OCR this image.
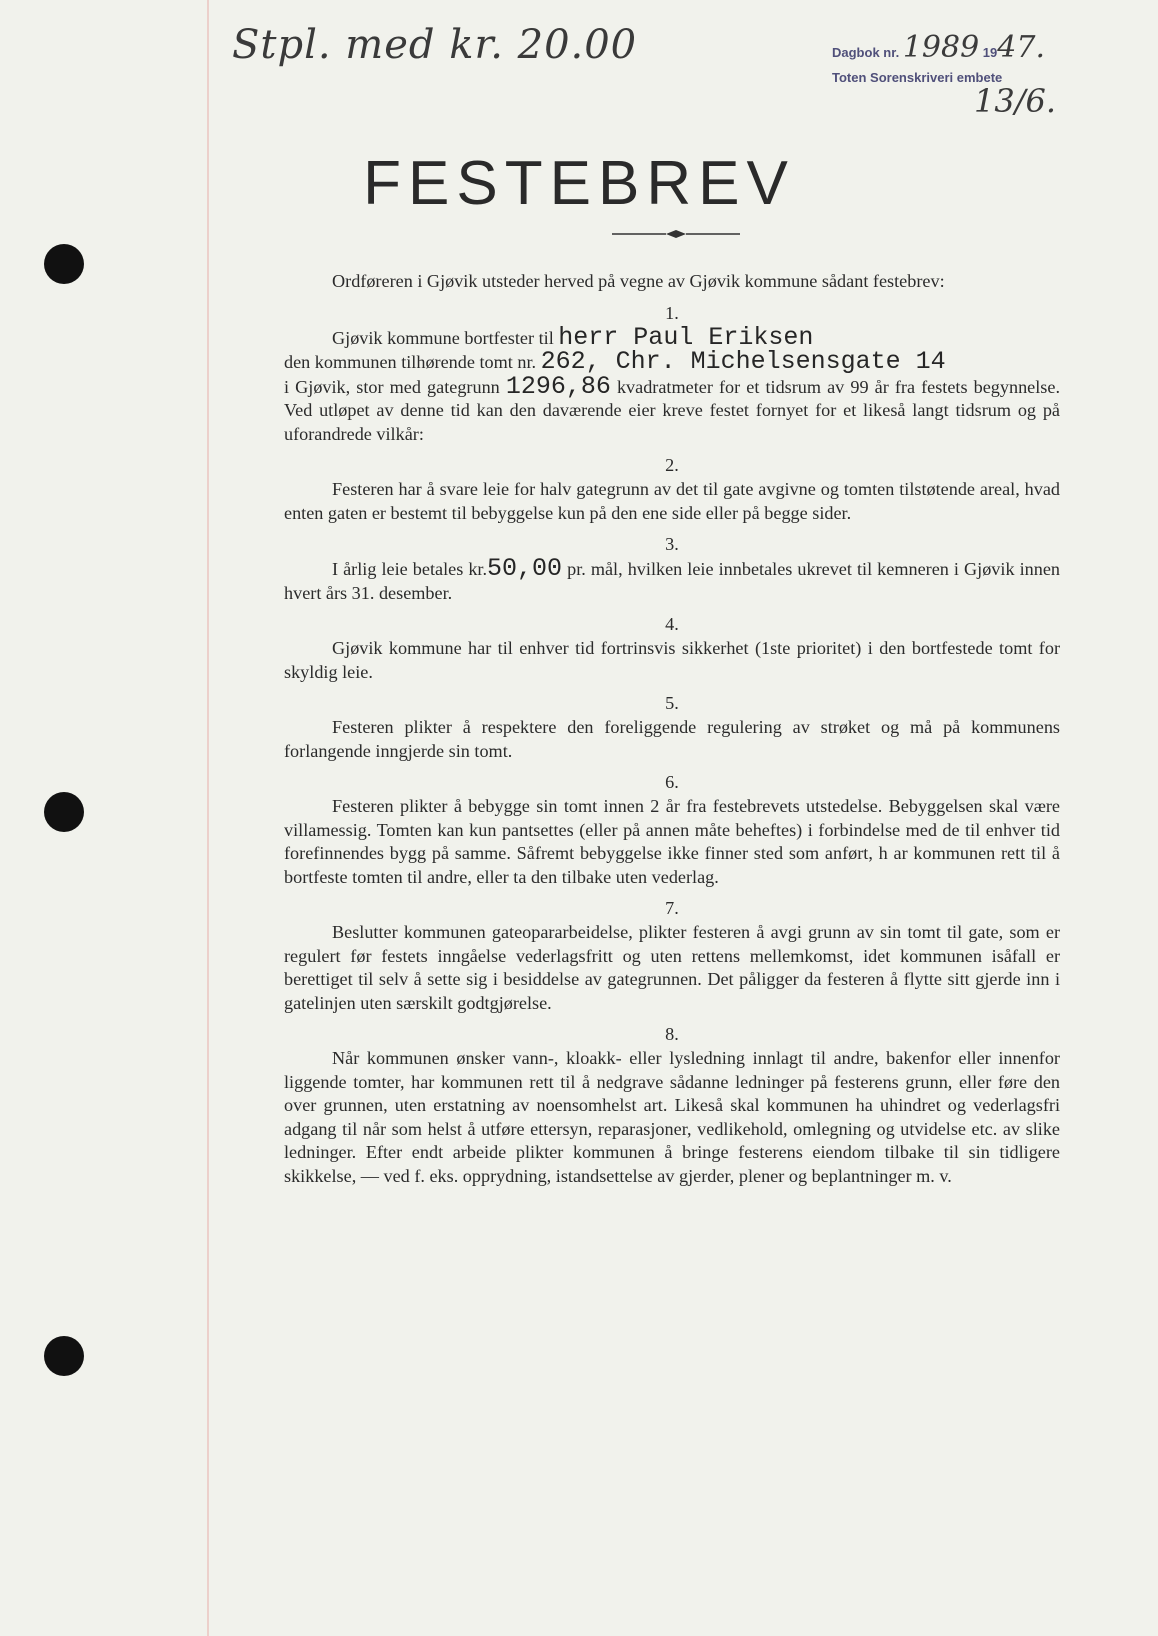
Stpl. med kr. 20.00	Dagbok nr. 1989 1947.
Toten Sorenskriveri embete
13/6.
FESTEBREV

Ordføreren i Gjøvik utsteder herved på vegne av Gjøvik kommune sådant festebrev:

1.

Gjøvik kommune bortfester til herr Paul Eriksen
den kommunen tilhørende tomt nr. 262, Chr. Michelsensgate 14
i Gjøvik, stor med gategrunn 1296,86 kvadratmeter for et tidsrum av 99 år fra festets begynnelse. Ved utløpet av denne tid kan den daværende eier kreve festet fornyet for et likeså langt tidsrum og på uforandrede vilkår:

2.

Festeren har å svare leie for halv gategrunn av det til gate avgivne og tomten tilstøtende areal, hvad enten gaten er bestemt til bebyggelse kun på den ene side eller på begge sider.

3.

I årlig leie betales kr.50,00 pr. mål, hvilken leie innbetales ukrevet til kemneren i Gjøvik innen hvert års 31. desember.

4.

Gjøvik kommune har til enhver tid fortrinsvis sikkerhet (1ste prioritet) i den bortfestede tomt for skyldig leie.

5.

Festeren plikter å respektere den foreliggende regulering av strøket og må på kommunens forlangende inngjerde sin tomt.

6.

Festeren plikter å bebygge sin tomt innen 2 år fra festebrevets utstedelse. Bebyggelsen skal være villamessig. Tomten kan kun pantsettes (eller på annen måte beheftes) i forbindelse med de til enhver tid forefinnendes bygg på samme. Såfremt bebyggelse ikke finner sted som anført, h ar kommunen rett til å bortfeste tomten til andre, eller ta den tilbake uten vederlag.

7.

Beslutter kommunen gateopararbeidelse, plikter festeren å avgi grunn av sin tomt til gate, som er regulert før festets inngåelse vederlagsfritt og uten rettens mellemkomst, idet kommunen isåfall er berettiget til selv å sette sig i besiddelse av gategrunnen. Det påligger da festeren å flytte sitt gjerde inn i gatelinjen uten særskilt godtgjørelse.

8.

Når kommunen ønsker vann-, kloakk- eller lysledning innlagt til andre, bakenfor eller innenfor liggende tomter, har kommunen rett til å nedgrave sådanne ledninger på festerens grunn, eller føre den over grunnen, uten erstatning av noensomhelst art. Likeså skal kommunen ha uhindret og vederlagsfri adgang til når som helst å utføre ettersyn, reparasjoner, vedlikehold, omlegning og utvidelse etc. av slike ledninger. Efter endt arbeide plikter kommunen å bringe festerens eiendom tilbake til sin tidligere skikkelse, — ved f. eks. opprydning, istandsettelse av gjerder, plener og beplantninger m. v.
